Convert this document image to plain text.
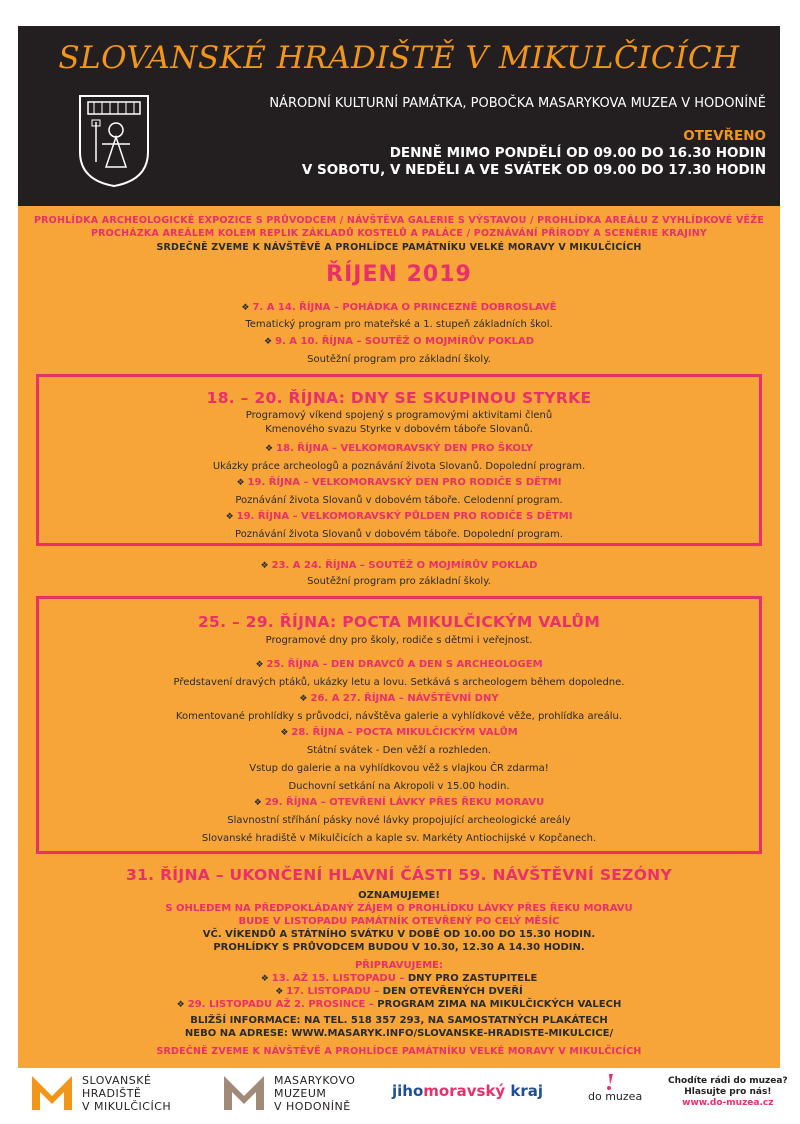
SLOVANSKÉ HRADIŠTĚ V MIKULČICÍCH
NÁRODNÍ KULTURNÍ PAMÁTKA, POBOČKA MASARYKOVA MUZEA V HODONÍNĚ
OTEVŘENO
DENNĚ MIMO PONDĚLÍ OD 09.00 DO 16.30 HODIN
V SOBOTU, V NEDĚLI A VE SVÁTEK OD 09.00 DO 17.30 HODIN
PROHLÍDKA ARCHEOLOGICKÉ EXPOZICE S PRŮVODCEM / NÁVŠTĚVA GALERIE S VÝSTAVOU / PROHLÍDKA AREÁLU Z VYHLÍDKOVÉ VĚŽE
PROCHÁZKA AREÁLEM KOLEM REPLIK ZÁKLADŮ KOSTELŮ A PALÁCE / POZNÁVÁNÍ PŘÍRODY A SCENÉRIE KRAJINY
SRDEČNĚ ZVEME K NÁVŠTĚVĚ A PROHLÍDCE PAMÁTNÍKU VELKÉ MORAVY V MIKULČICÍCH
ŘÍJEN 2019
❖ 7. A 14. ŘÍJNA – POHÁDKA O PRINCEZNĚ DOBROSLAVĚ
Tematický program pro mateřské a 1. stupeň základních škol.
❖ 9. A 10. ŘÍJNA – SOUTĚŽ O MOJMÍRŮV POKLAD
Soutěžní program pro základní školy.
18. – 20. ŘÍJNA: DNY SE SKUPINOU STYRKE
Programový víkend spojený s programovými aktivitami členů
Kmenového svazu Styrke v dobovém táboře Slovanů.
❖ 18. ŘÍJNA – VELKOMORAVSKÝ DEN PRO ŠKOLY
Ukázky práce archeologů a poznávání života Slovanů. Dopolední program.
❖ 19. ŘÍJNA – VELKOMORAVSKÝ DEN PRO RODIČE S DĚTMI
Poznávání života Slovanů v dobovém táboře. Celodenní program.
❖ 19. ŘÍJNA – VELKOMORAVSKÝ PŮLDEN PRO RODIČE S DĚTMI
Poznávání života Slovanů v dobovém táboře. Dopolední program.
❖ 23. A 24. ŘÍJNA – SOUTĚŽ O MOJMÍRŮV POKLAD
Soutěžní program pro základní školy.
25. – 29. ŘÍJNA: POCTA MIKULČICKÝM VALŮM
Programové dny pro školy, rodiče s dětmi i veřejnost.
❖ 25. ŘÍJNA – DEN DRAVCŮ A DEN S ARCHEOLOGEM
Představení dravých ptáků, ukázky letu a lovu. Setkává s archeologem během dopoledne.
❖ 26. A 27. ŘÍJNA – NÁVŠTĚVNÍ DNY
Komentované prohlídky s průvodci, návštěva galerie a vyhlídkové věže, prohlídka areálu.
❖ 28. ŘÍJNA – POCTA MIKULČICKÝM VALŮM
Státní svátek - Den věží a rozhleden.
Vstup do galerie a na vyhlídkovou věž s vlajkou ČR zdarma!
Duchovní setkání na Akropoli v 15.00 hodin.
❖ 29. ŘÍJNA – OTEVŘENÍ LÁVKY PŘES ŘEKU MORAVU
Slavnostní stříhání pásky nové lávky propojující archeologické areály
Slovanské hradiště v Mikulčicích a kaple sv. Markéty Antiochijské v Kopčanech.
31. ŘÍJNA – UKONČENÍ HLAVNÍ ČÁSTI 59. NÁVŠTĚVNÍ SEZÓNY
OZNAMUJEME!
S OHLEDEM NA PŘEDPOKLÁDANÝ ZÁJEM O PROHLÍDKU LÁVKY PŘES ŘEKU MORAVU
BUDE V LISTOPADU PAMÁTNÍK OTEVŘENÝ PO CELÝ MĚSÍC
VČ. VÍKENDŮ A STÁTNÍHO SVÁTKU V DOBĚ OD 10.00 DO 15.30 HODIN.
PROHLÍDKY S PRŮVODCEM BUDOU V 10.30, 12.30 A 14.30 HODIN.
PŘIPRAVUJEME:
❖ 13. AŽ 15. LISTOPADU – DNY PRO ZASTUPITELE
❖ 17. LISTOPADU – DEN OTEVŘENÝCH DVEŘÍ
❖ 29. LISTOPADU AŽ 2. PROSINCE – PROGRAM ZIMA NA MIKULČICKÝCH VALECH
BLIŽŠÍ INFORMACE: NA TEL. 518 357 293, NA SAMOSTATNÝCH PLAKÁTECH
NEBO NA ADRESE: WWW.MASARYK.INFO/SLOVANSKE-HRADISTE-MIKULCICE/
SRDEČNĚ ZVEME K NÁVŠTĚVĚ A PROHLÍDCE PAMÁTNÍKU VELKÉ MORAVY V MIKULČICÍCH
SLOVANSKÉ
HRADIŠTĚ
V MIKULČICÍCH
MASARYKOVO
MUZEUM
V HODONÍNĚ
jihomoravský kraj	do muzea
Chodíte rádi do muzea?
Hlasujte pro nás!
www.do-muzea.cz
